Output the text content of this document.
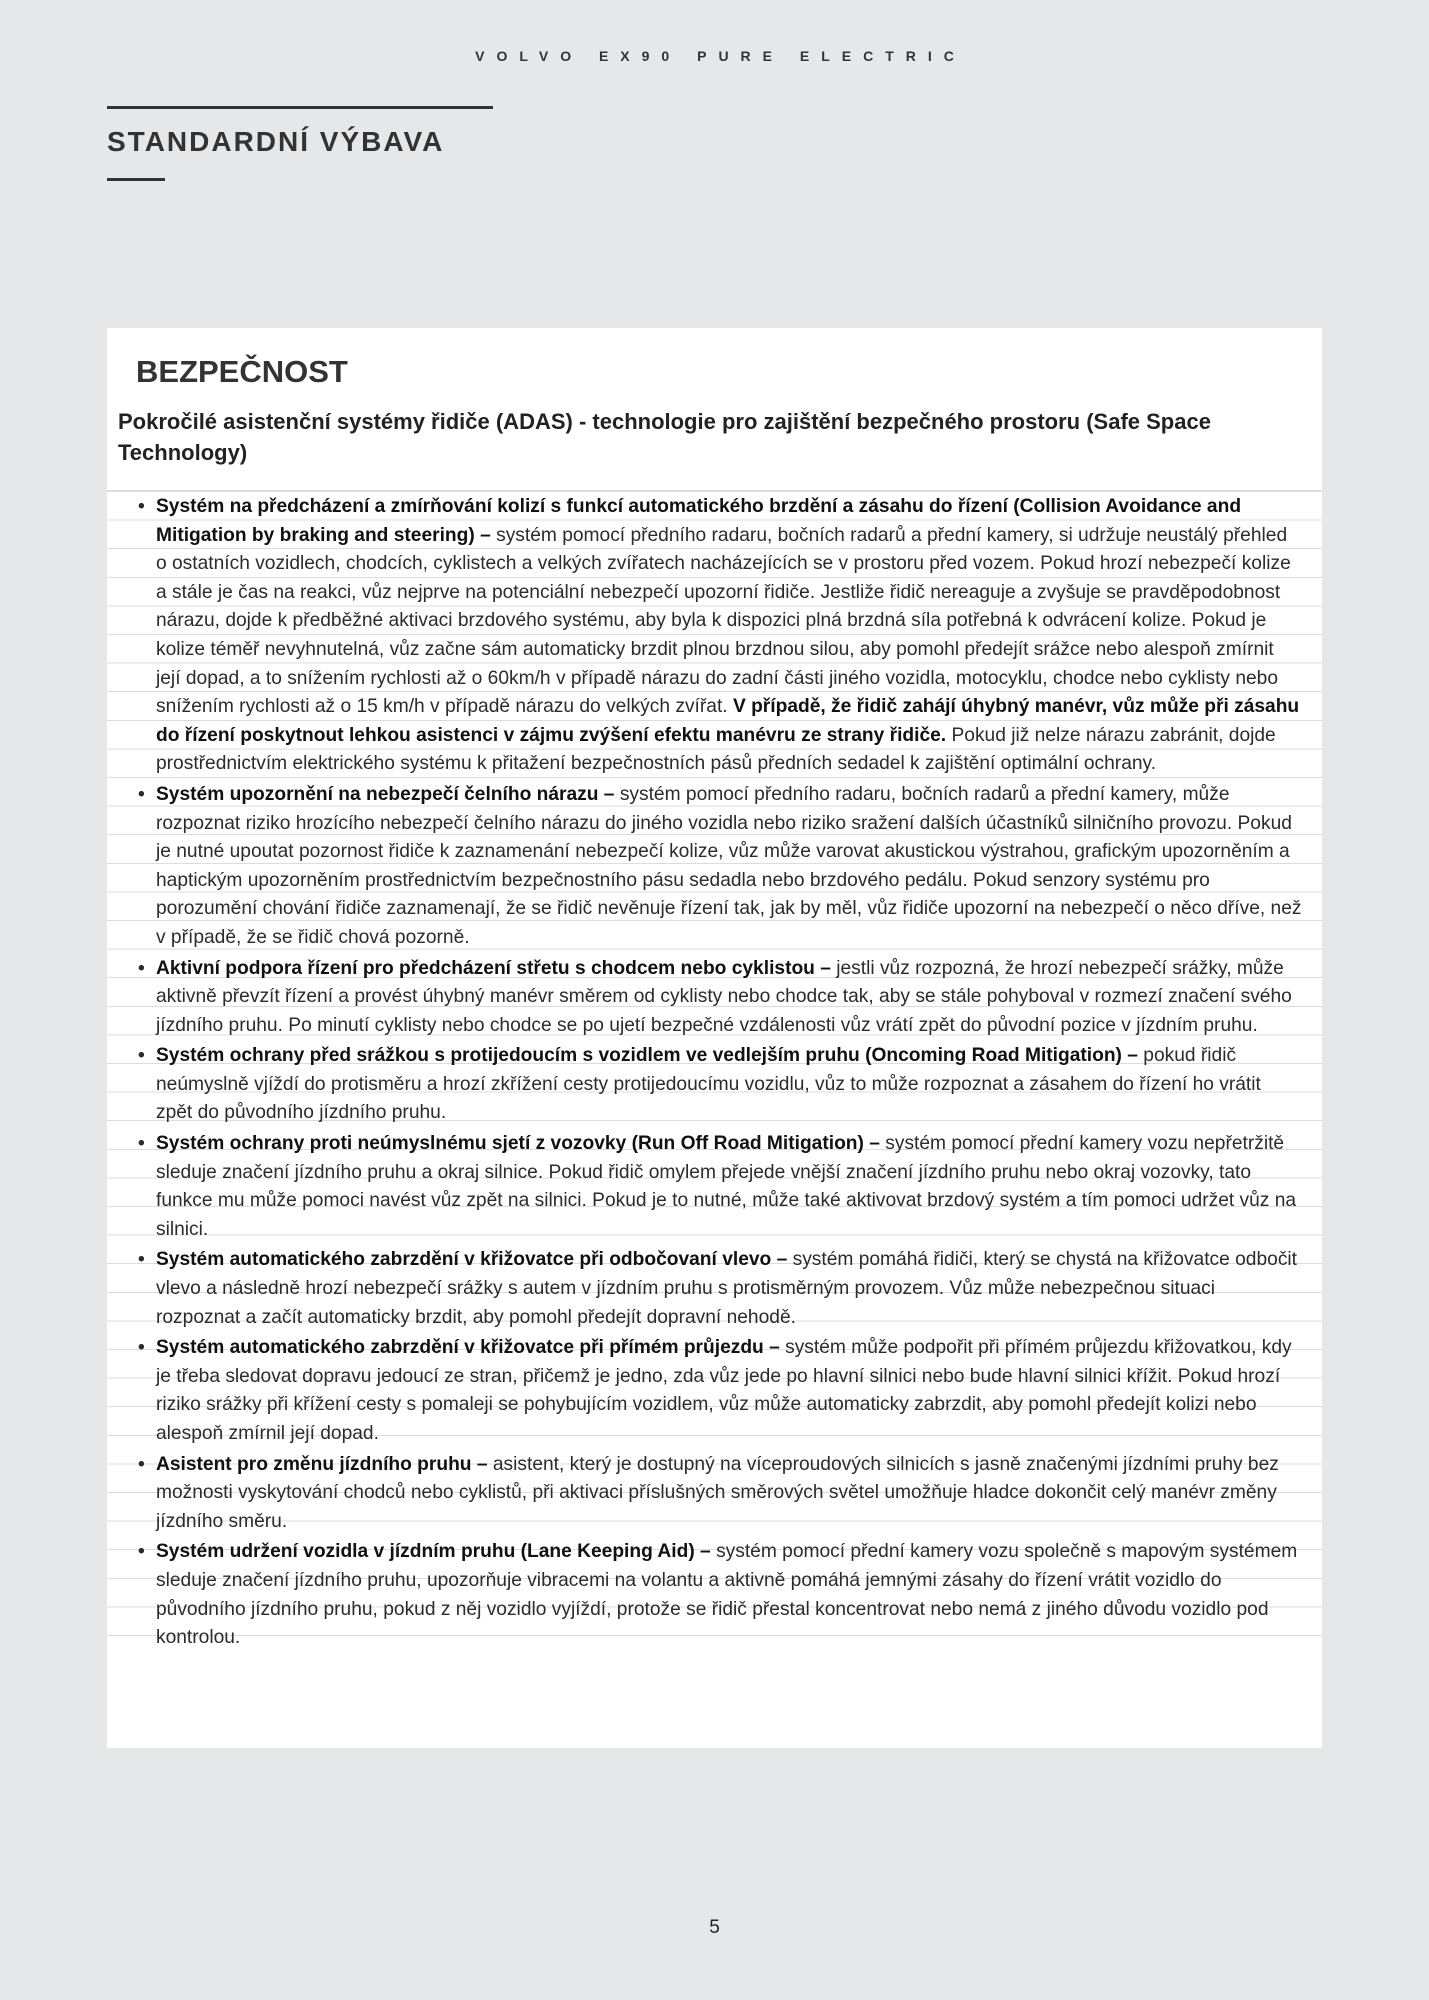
VOLVO EX90 PURE ELECTRIC
STANDARDNÍ VÝBAVA
BEZPEČNOST
Pokročilé asistenční systémy řidiče (ADAS) - technologie pro zajištění bezpečného prostoru (Safe Space Technology)
• Systém na předcházení a zmírňování kolizí s funkcí automatického brzdění a zásahu do řízení (Collision Avoidance and Mitigation by braking and steering) – systém pomocí předního radaru, bočních radarů a přední kamery, si udržuje neustálý přehled o ostatních vozidlech, chodcích, cyklistech a velkých zvířatech nacházejících se v prostoru před vozem. Pokud hrozí nebezpečí kolize a stále je čas na reakci, vůz nejprve na potenciální nebezpečí upozorní řidiče. Jestliže řidič nereaguje a zvyšuje se pravděpodobnost nárazu, dojde k předběžné aktivaci brzdového systému, aby byla k dispozici plná brzdná síla potřebná k odvrácení kolize. Pokud je kolize téměř nevyhnutelná, vůz začne sám automaticky brzdit plnou brzdnou silou, aby pomohl předejít srážce nebo alespoň zmírnit její dopad, a to snížením rychlosti až o 60km/h v případě nárazu do zadní části jiného vozidla, motocyklu, chodce nebo cyklisty nebo snížením rychlosti až o 15 km/h v případě nárazu do velkých zvířat. V případě, že řidič zahájí úhybný manévr, vůz může při zásahu do řízení poskytnout lehkou asistenci v zájmu zvýšení efektu manévru ze strany řidiče. Pokud již nelze nárazu zabránit, dojde prostřednictvím elektrického systému k přitažení bezpečnostních pásů předních sedadel k zajištění optimální ochrany.
• Systém upozornění na nebezpečí čelního nárazu – systém pomocí předního radaru, bočních radarů a přední kamery, může rozpoznat riziko hrozícího nebezpečí čelního nárazu do jiného vozidla nebo riziko sražení dalších účastníků silničního provozu. Pokud je nutné upoutat pozornost řidiče k zaznamenání nebezpečí kolize, vůz může varovat akustickou výstrahou, grafickým upozorněním a haptickým upozorněním prostřednictvím bezpečnostního pásu sedadla nebo brzdového pedálu. Pokud senzory systému pro porozumění chování řidiče zaznamenají, že se řidič nevěnuje řízení tak, jak by měl, vůz řidiče upozorní na nebezpečí o něco dříve, než v případě, že se řidič chová pozorně.
• Aktivní podpora řízení pro předcházení střetu s chodcem nebo cyklistou – jestli vůz rozpozná, že hrozí nebezpečí srážky, může aktivně převzít řízení a provést úhybný manévr směrem od cyklisty nebo chodce tak, aby se stále pohyboval v rozmezí značení svého jízdního pruhu. Po minutí cyklisty nebo chodce se po ujetí bezpečné vzdálenosti vůz vrátí zpět do původní pozice v jízdním pruhu.
• Systém ochrany před srážkou s protijedoucím s vozidlem ve vedlejším pruhu (Oncoming Road Mitigation) – pokud řidič neúmyslně vjíždí do protisměru a hrozí zkřížení cesty protijedoucímu vozidlu, vůz to může rozpoznat a zásahem do řízení ho vrátit zpět do původního jízdního pruhu.
• Systém ochrany proti neúmyslnému sjetí z vozovky (Run Off Road Mitigation) – systém pomocí přední kamery vozu nepřetržitě sleduje značení jízdního pruhu a okraj silnice. Pokud řidič omylem přejede vnější značení jízdního pruhu nebo okraj vozovky, tato funkce mu může pomoci navést vůz zpět na silnici. Pokud je to nutné, může také aktivovat brzdový systém a tím pomoci udržet vůz na silnici.
• Systém automatického zabrzdění v křižovatce při odbočovaní vlevo – systém pomáhá řidiči, který se chystá na křižovatce odbočit vlevo a následně hrozí nebezpečí srážky s autem v jízdním pruhu s protisměrným provozem. Vůz může nebezpečnou situaci rozpoznat a začít automaticky brzdit, aby pomohl předejít dopravní nehodě.
• Systém automatického zabrzdění v křižovatce při přímém průjezdu – systém může podpořit při přímém průjezdu křižovatkou, kdy je třeba sledovat dopravu jedoucí ze stran, přičemž je jedno, zda vůz jede po hlavní silnici nebo bude hlavní silnici křížit. Pokud hrozí riziko srážky při křížení cesty s pomalejі se pohybujícím vozidlem, vůz může automaticky zabrzdit, aby pomohl předejít kolizi nebo alespoň zmírnil její dopad.
• Asistent pro změnu jízdního pruhu – asistent, který je dostupný na víceproudových silnicích s jasně značenými jízdními pruhy bez možnosti vyskytování chodců nebo cyklistů, při aktivaci příslušných směrových světel umožňuje hladce dokončit celý manévr změny jízdního směru.
• Systém udržení vozidla v jízdním pruhu (Lane Keeping Aid) – systém pomocí přední kamery vozu společně s mapovým systémem sleduje značení jízdního pruhu, upozorňuje vibracemi na volantu a aktivně pomáhá jemnými zásahy do řízení vrátit vozidlo do původního jízdního pruhu, pokud z něj vozidlo vyjíždí, protože se řidič přestal koncentrovat nebo nemá z jiného důvodu vozidlo pod kontrolou.
5
